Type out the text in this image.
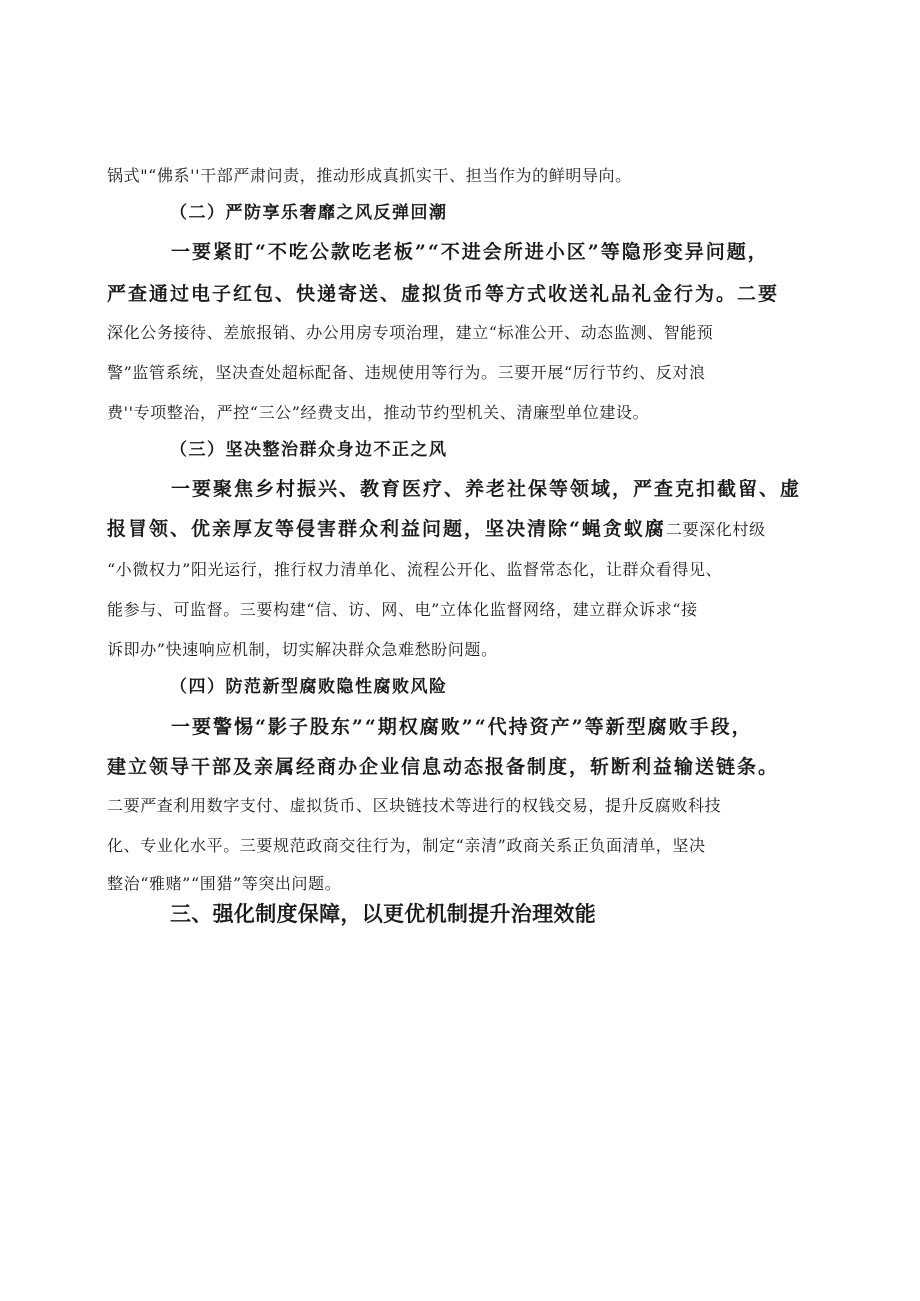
锅式"“佛系''干部严肃问责，推动形成真抓实干、担当作为的鲜明导向。
（二）严防享乐奢靡之风反弹回潮
一要紧盯“不吃公款吃老板”“不进会所进小区”等隐形变异问题，
严查通过电子红包、快递寄送、虚拟货币等方式收送礼品礼金行为。二要
深化公务接待、差旅报销、办公用房专项治理，建立“标准公开、动态监测、智能预
警”监管系统，坚决查处超标配备、违规使用等行为。三要开展“厉行节约、反对浪
费''专项整治，严控“三公”经费支出，推动节约型机关、清廉型单位建设。
（三）坚决整治群众身边不正之风
一要聚焦乡村振兴、教育医疗、养老社保等领域，严查克扣截留、虚
报冒领、优亲厚友等侵害群众利益问题，坚决清除“蝇贪蚁腐二要深化村级
“小微权力”阳光运行，推行权力清单化、流程公开化、监督常态化，让群众看得见、
能参与、可监督。三要构建“信、访、网、电”立体化监督网络，建立群众诉求“接
诉即办”快速响应机制，切实解决群众急难愁盼问题。
（四）防范新型腐败隐性腐败风险
一要警惕“影子股东”“期权腐败”“代持资产”等新型腐败手段，
建立领导干部及亲属经商办企业信息动态报备制度，斩断利益输送链条。
二要严查利用数字支付、虚拟货币、区块链技术等进行的权钱交易，提升反腐败科技
化、专业化水平。三要规范政商交往行为，制定“亲清”政商关系正负面清单，坚决
整治“雅赌”“围猎”等突出问题。
三、强化制度保障，以更优机制提升治理效能
